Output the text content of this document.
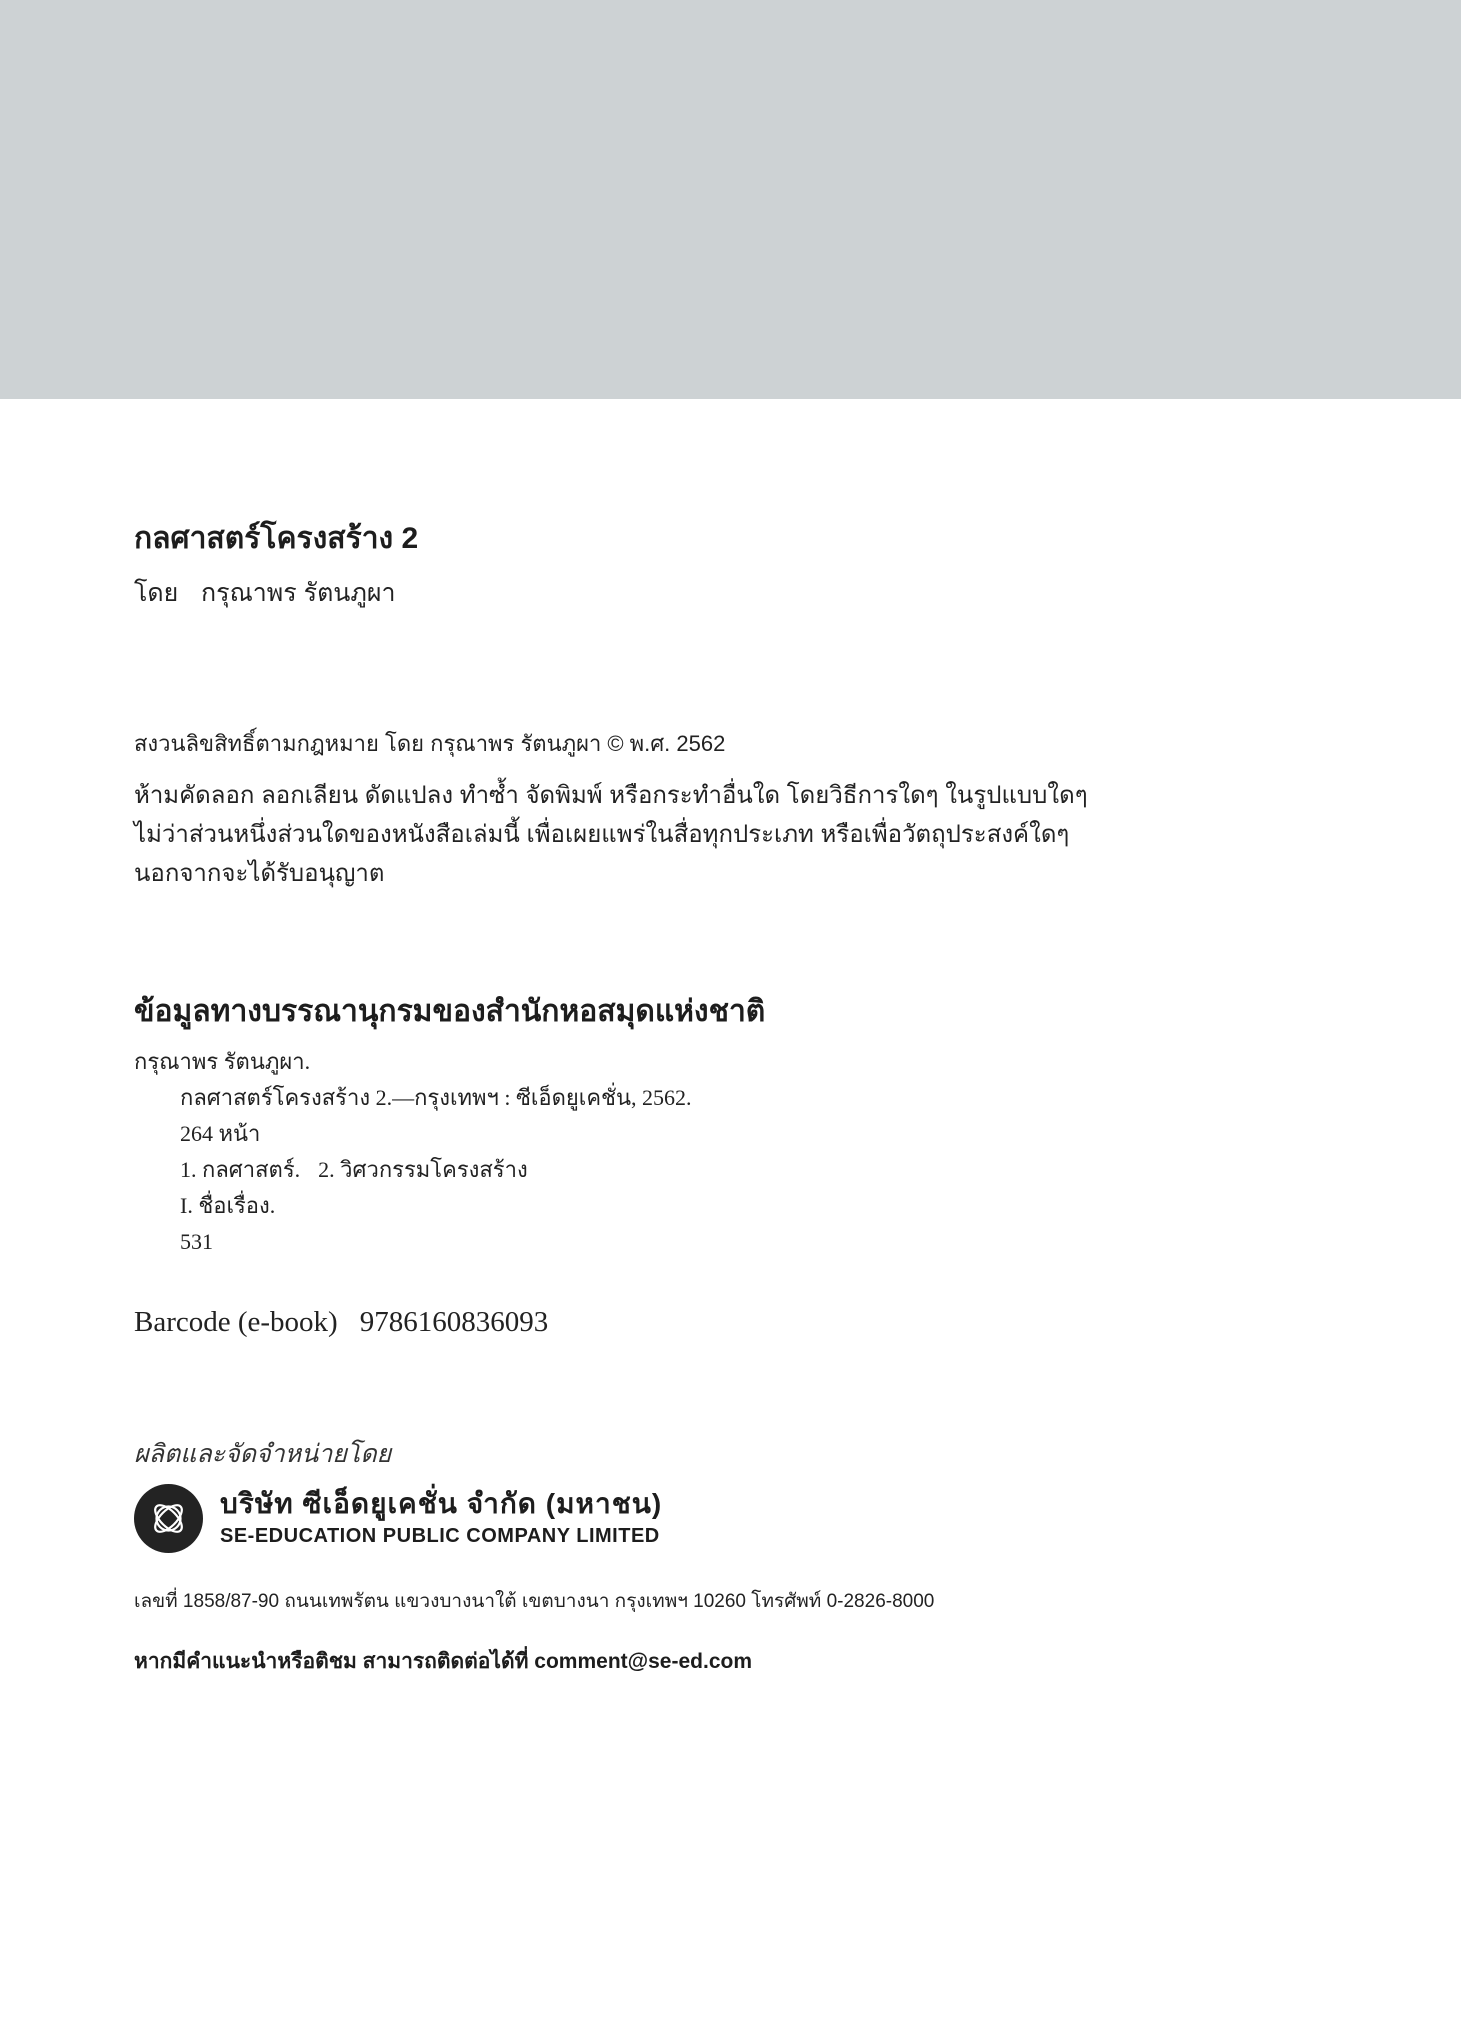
กลศาสตร์โครงสร้าง 2
โดย กรุณาพร รัตนภูผา
สงวนลิขสิทธิ์ตามกฎหมาย โดย กรุณาพร รัตนภูผา © พ.ศ. 2562
ห้ามคัดลอก ลอกเลียน ดัดแปลง ทำซ้ำ จัดพิมพ์ หรือกระทำอื่นใด โดยวิธีการใดๆ ในรูปแบบใดๆ
ไม่ว่าส่วนหนึ่งส่วนใดของหนังสือเล่มนี้ เพื่อเผยแพร่ในสื่อทุกประเภท หรือเพื่อวัตถุประสงค์ใดๆ
นอกจากจะได้รับอนุญาต
ข้อมูลทางบรรณานุกรมของสำนักหอสมุดแห่งชาติ
กรุณาพร รัตนภูผา.
กลศาสตร์โครงสร้าง 2.—กรุงเทพฯ : ซีเอ็ดยูเคชั่น, 2562.
264 หน้า
1. กลศาสตร์. 2. วิศวกรรมโครงสร้าง
I. ชื่อเรื่อง.
531
Barcode (e-book) 9786160836093
ผลิตและจัดจำหน่ายโดย
บริษัท ซีเอ็ดยูเคชั่น จำกัด (มหาชน)
SE-EDUCATION PUBLIC COMPANY LIMITED
เลขที่ 1858/87-90 ถนนเทพรัตน แขวงบางนาใต้ เขตบางนา กรุงเทพฯ 10260 โทรศัพท์ 0-2826-8000
หากมีคำแนะนำหรือติชม สามารถติดต่อได้ที่ comment@se-ed.com
